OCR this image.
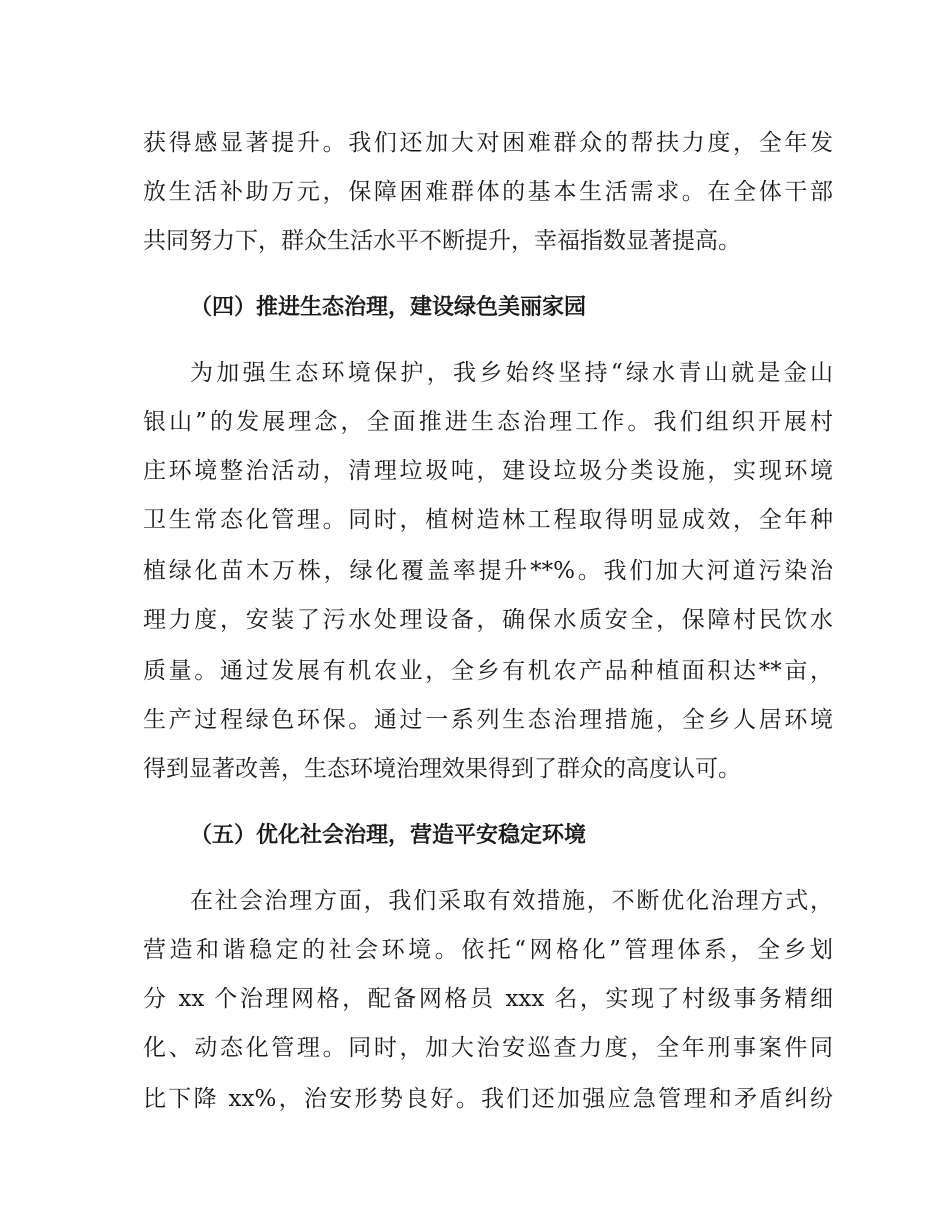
获得感显著提升。我们还加大对困难群众的帮扶力度，全年发
放生活补助万元，保障困难群体的基本生活需求。在全体干部
共同努力下，群众生活水平不断提升，幸福指数显著提高。
（四）推进生态治理，建设绿色美丽家园
为加强生态环境保护，我乡始终坚持“绿水青山就是金山
银山”的发展理念，全面推进生态治理工作。我们组织开展村
庄环境整治活动，清理垃圾吨，建设垃圾分类设施，实现环境
卫生常态化管理。同时，植树造林工程取得明显成效，全年种
植绿化苗木万株，绿化覆盖率提升**%。我们加大河道污染治
理力度，安装了污水处理设备，确保水质安全，保障村民饮水
质量。通过发展有机农业，全乡有机农产品种植面积达**亩，
生产过程绿色环保。通过一系列生态治理措施，全乡人居环境
得到显著改善，生态环境治理效果得到了群众的高度认可。
（五）优化社会治理，营造平安稳定环境
在社会治理方面，我们采取有效措施，不断优化治理方式，
营造和谐稳定的社会环境。依托“网格化”管理体系，全乡划
分 xx 个治理网格，配备网格员 xxx 名，实现了村级事务精细
化、动态化管理。同时，加大治安巡查力度，全年刑事案件同
比下降 xx%，治安形势良好。我们还加强应急管理和矛盾纠纷
